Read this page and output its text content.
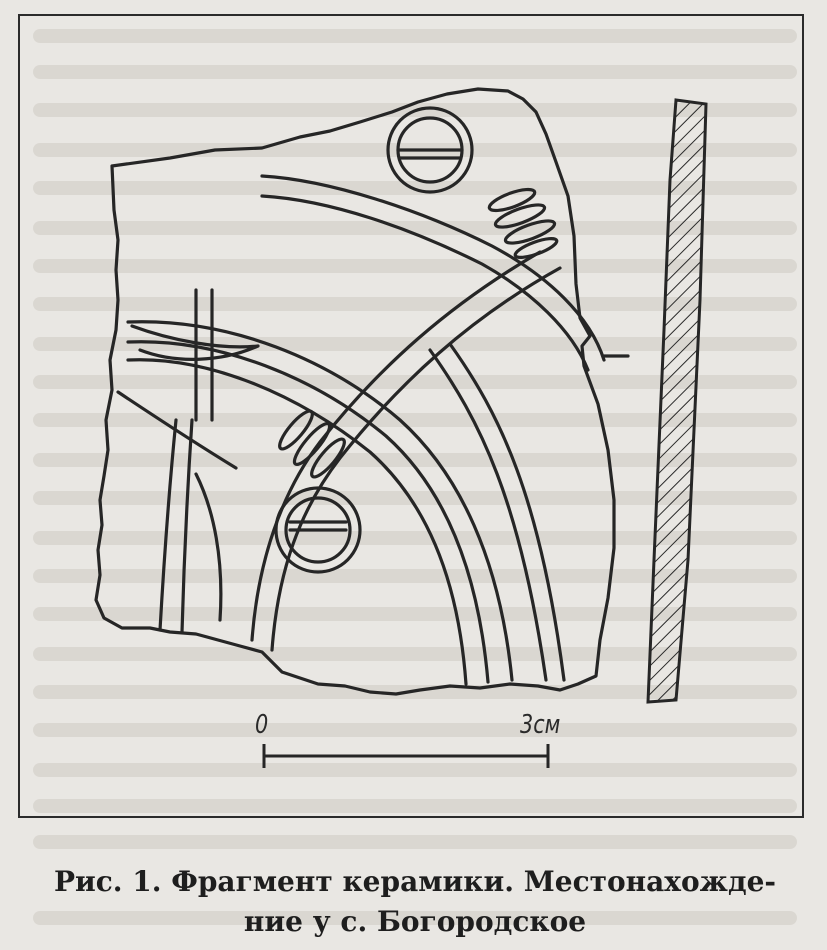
0	3см
Рис. 1. Фрагмент керамики. Местонахожде-
ние у с. Богородское
